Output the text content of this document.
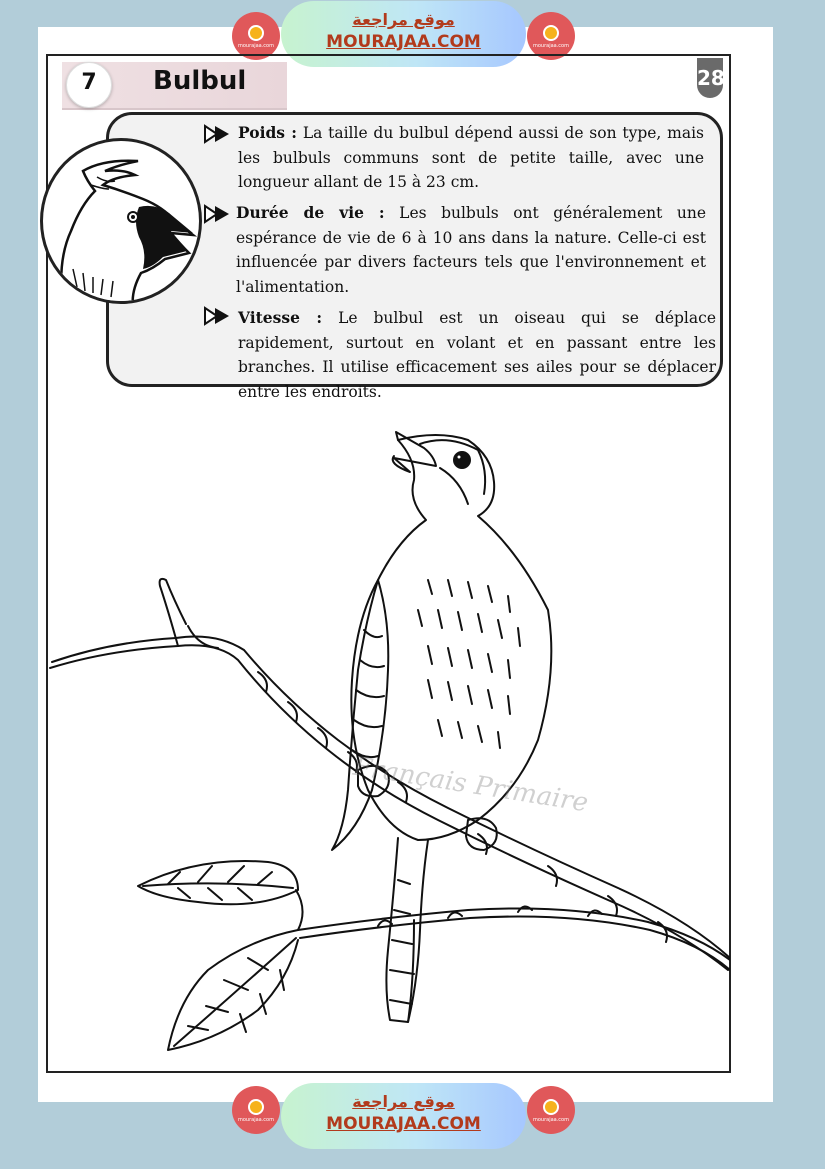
mourajaa.com
موقع مراجعة
MOURAJAA.COM	mourajaa.com
28
7	Bulbul
Poids : La taille du bulbul dépend aussi de son type, mais les bulbuls communs sont de petite taille, avec une longueur allant de 15 à 23 cm.
Durée de vie : Les bulbuls ont généralement une espérance de vie de 6 à 10 ans dans la nature. Celle-ci est influencée par divers facteurs tels que l'environnement et l'alimentation.
Vitesse : Le bulbul est un oiseau qui se déplace rapidement, surtout en volant et en passant entre les branches. Il utilise efficacement ses ailes pour se déplacer entre les endroits.
Français Primaire
mourajaa.com
موقع مراجعة
MOURAJAA.COM	mourajaa.com
